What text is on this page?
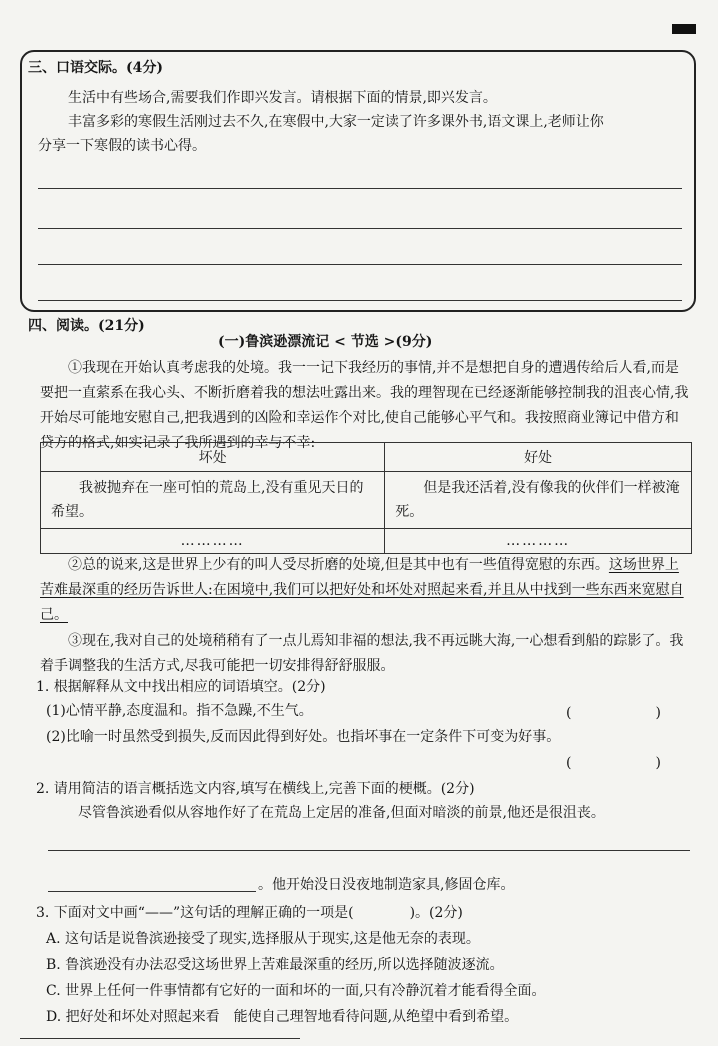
三、口语交际。(4分)
生活中有些场合,需要我们作即兴发言。请根据下面的情景,即兴发言。
丰富多彩的寒假生活刚过去不久,在寒假中,大家一定读了许多课外书,语文课上,老师让你
分享一下寒假的读书心得。
四、阅读。(21分)
(一)鲁滨逊漂流记 < 节选 >(9分)

①我现在开始认真考虑我的处境。我一一记下我经历的事情,并不是想把自身的遭遇传给后人看,而是要把一直萦系在我心头、不断折磨着我的想法吐露出来。我的理智现在已经逐渐能够控制我的沮丧心情,我开始尽可能地安慰自己,把我遇到的凶险和幸运作个对比,使自己能够心平气和。我按照商业簿记中借方和贷方的格式,如实记录了我所遇到的幸与不幸:

坏处	好处
我被抛弃在一座可怕的荒岛上,没有重见天日的希望。	但是我还活着,没有像我的伙伴们一样被淹死。
…………	…………

②总的说来,这是世界上少有的叫人受尽折磨的处境,但是其中也有一些值得宽慰的东西。这场世界上苦难最深重的经历告诉世人:在困境中,我们可以把好处和坏处对照起来看,并且从中找到一些东西来宽慰自己。

③现在,我对自己的处境稍稍有了一点儿焉知非福的想法,我不再远眺大海,一心想看到船的踪影了。我着手调整我的生活方式,尽我可能把一切安排得舒舒服服。

1. 根据解释从文中找出相应的词语填空。(2分)
(1)心情平静,态度温和。指不急躁,不生气。	(　　　　　　)
(2)比喻一时虽然受到损失,反而因此得到好处。也指坏事在一定条件下可变为好事。
(　　　　　　)
2. 请用简洁的语言概括选文内容,填写在横线上,完善下面的梗概。(2分)
尽管鲁滨逊看似从容地作好了在荒岛上定居的准备,但面对暗淡的前景,他还是很沮丧。
。他开始没日没夜地制造家具,修固仓库。
3. 下面对文中画“——”这句话的理解正确的一项是(　　　　)。(2分)
A. 这句话是说鲁滨逊接受了现实,选择服从于现实,这是他无奈的表现。
B. 鲁滨逊没有办法忍受这场世界上苦难最深重的经历,所以选择随波逐流。
C. 世界上任何一件事情都有它好的一面和坏的一面,只有冷静沉着才能看得全面。
D. 把好处和坏处对照起来看　能使自己理智地看待问题,从绝望中看到希望。
